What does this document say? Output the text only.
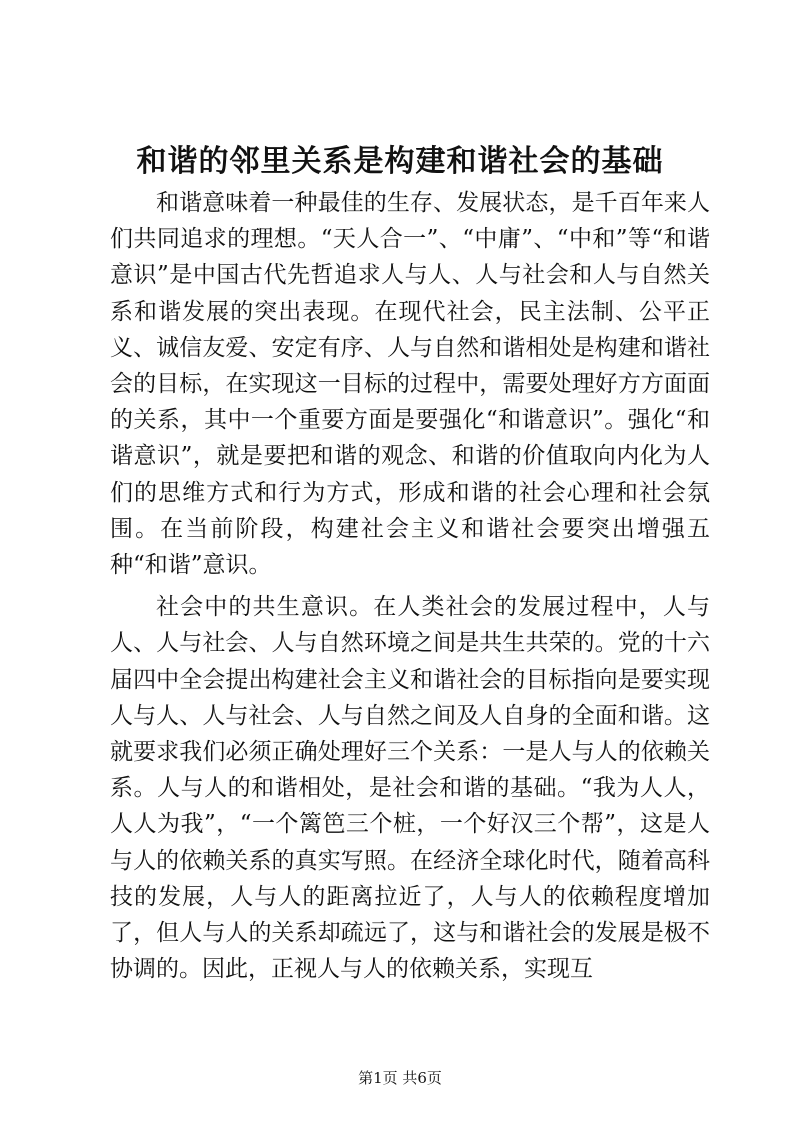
和谐的邻里关系是构建和谐社会的基础

和谐意味着一种最佳的生存、发展状态，是千百年来人们共同追求的理想。“天人合一”、“中庸”、“中和”等“和谐意识”是中国古代先哲追求人与人、人与社会和人与自然关系和谐发展的突出表现。在现代社会，民主法制、公平正义、诚信友爱、安定有序、人与自然和谐相处是构建和谐社会的目标，在实现这一目标的过程中，需要处理好方方面面的关系，其中一个重要方面是要强化“和谐意识”。强化“和谐意识”，就是要把和谐的观念、和谐的价值取向内化为人们的思维方式和行为方式，形成和谐的社会心理和社会氛围。在当前阶段，构建社会主义和谐社会要突出增强五种“和谐”意识。

社会中的共生意识。在人类社会的发展过程中，人与人、人与社会、人与自然环境之间是共生共荣的。党的十六届四中全会提出构建社会主义和谐社会的目标指向是要实现人与人、人与社会、人与自然之间及人自身的全面和谐。这就要求我们必须正确处理好三个关系：一是人与人的依赖关系。人与人的和谐相处，是社会和谐的基础。“我为人人，人人为我”，“一个篱笆三个桩，一个好汉三个帮”，这是人与人的依赖关系的真实写照。在经济全球化时代，随着高科技的发展，人与人的距离拉近了，人与人的依赖程度增加了，但人与人的关系却疏远了，这与和谐社会的发展是极不协调的。因此，正视人与人的依赖关系，实现互

第1页 共6页
